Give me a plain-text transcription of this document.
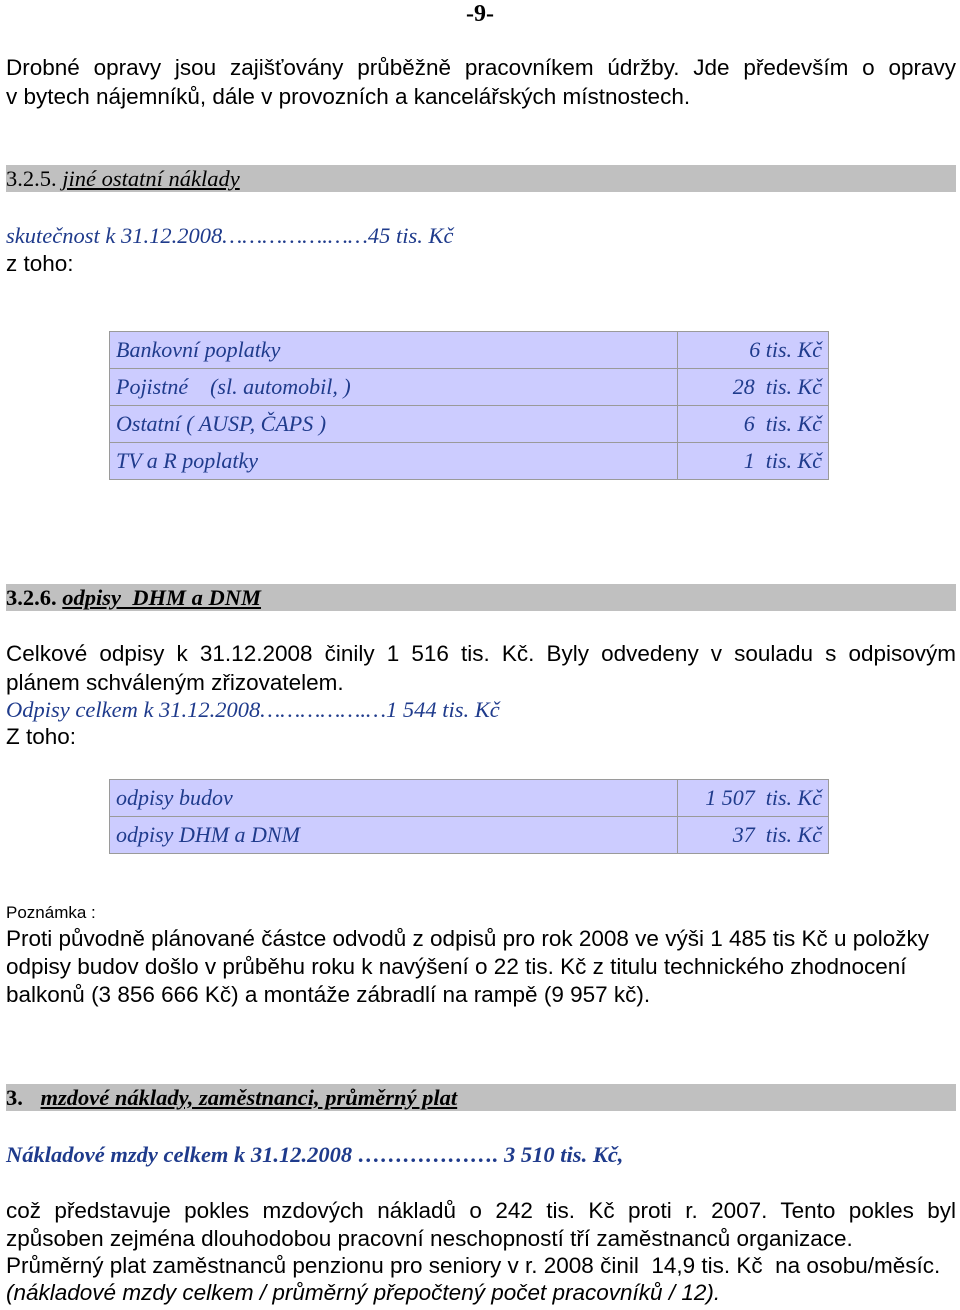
-9-
Drobné opravy jsou zajišťovány průběžně pracovníkem údržby. Jde především o opravy
v bytech nájemníků, dále v provozních a kancelářských místnostech.
3.2.5. jiné ostatní náklady
skutečnost k 31.12.2008…………….……45 tis. Kč
z toho:
Bankovní poplatky	6 tis. Kč
Pojistné    (sl. automobil, )	28  tis. Kč
Ostatní ( AUSP, ČAPS )	6  tis. Kč
TV a R poplatky	1  tis. Kč
3.2.6. odpisy  DHM a DNM
Celkové odpisy k 31.12.2008 činily 1 516 tis. Kč. Byly odvedeny v souladu s odpisovým
plánem schváleným zřizovatelem.
Odpisy celkem k 31.12.2008…………….…1 544 tis. Kč
Z toho:
odpisy budov	1 507  tis. Kč
odpisy DHM a DNM	37  tis. Kč
Poznámka :
Proti původně plánované částce odvodů z odpisů pro rok 2008 ve výši 1 485 tis Kč u položky
odpisy budov došlo v průběhu roku k navýšení o 22 tis. Kč z titulu technického zhodnocení
balkonů (3 856 666 Kč) a montáže zábradlí na rampě (9 957 kč).
3. mzdové náklady, zaměstnanci, průměrný plat
Nákladové mzdy celkem k 31.12.2008 ………………. 3 510 tis. Kč,
což představuje pokles mzdových nákladů o 242 tis. Kč proti r. 2007. Tento pokles byl
způsoben zejména dlouhodobou pracovní neschopností tří zaměstnanců organizace.
Průměrný plat zaměstnanců penzionu pro seniory v r. 2008 činil  14,9 tis. Kč  na osobu/měsíc.
(nákladové mzdy celkem / průměrný přepočtený počet pracovníků / 12).
